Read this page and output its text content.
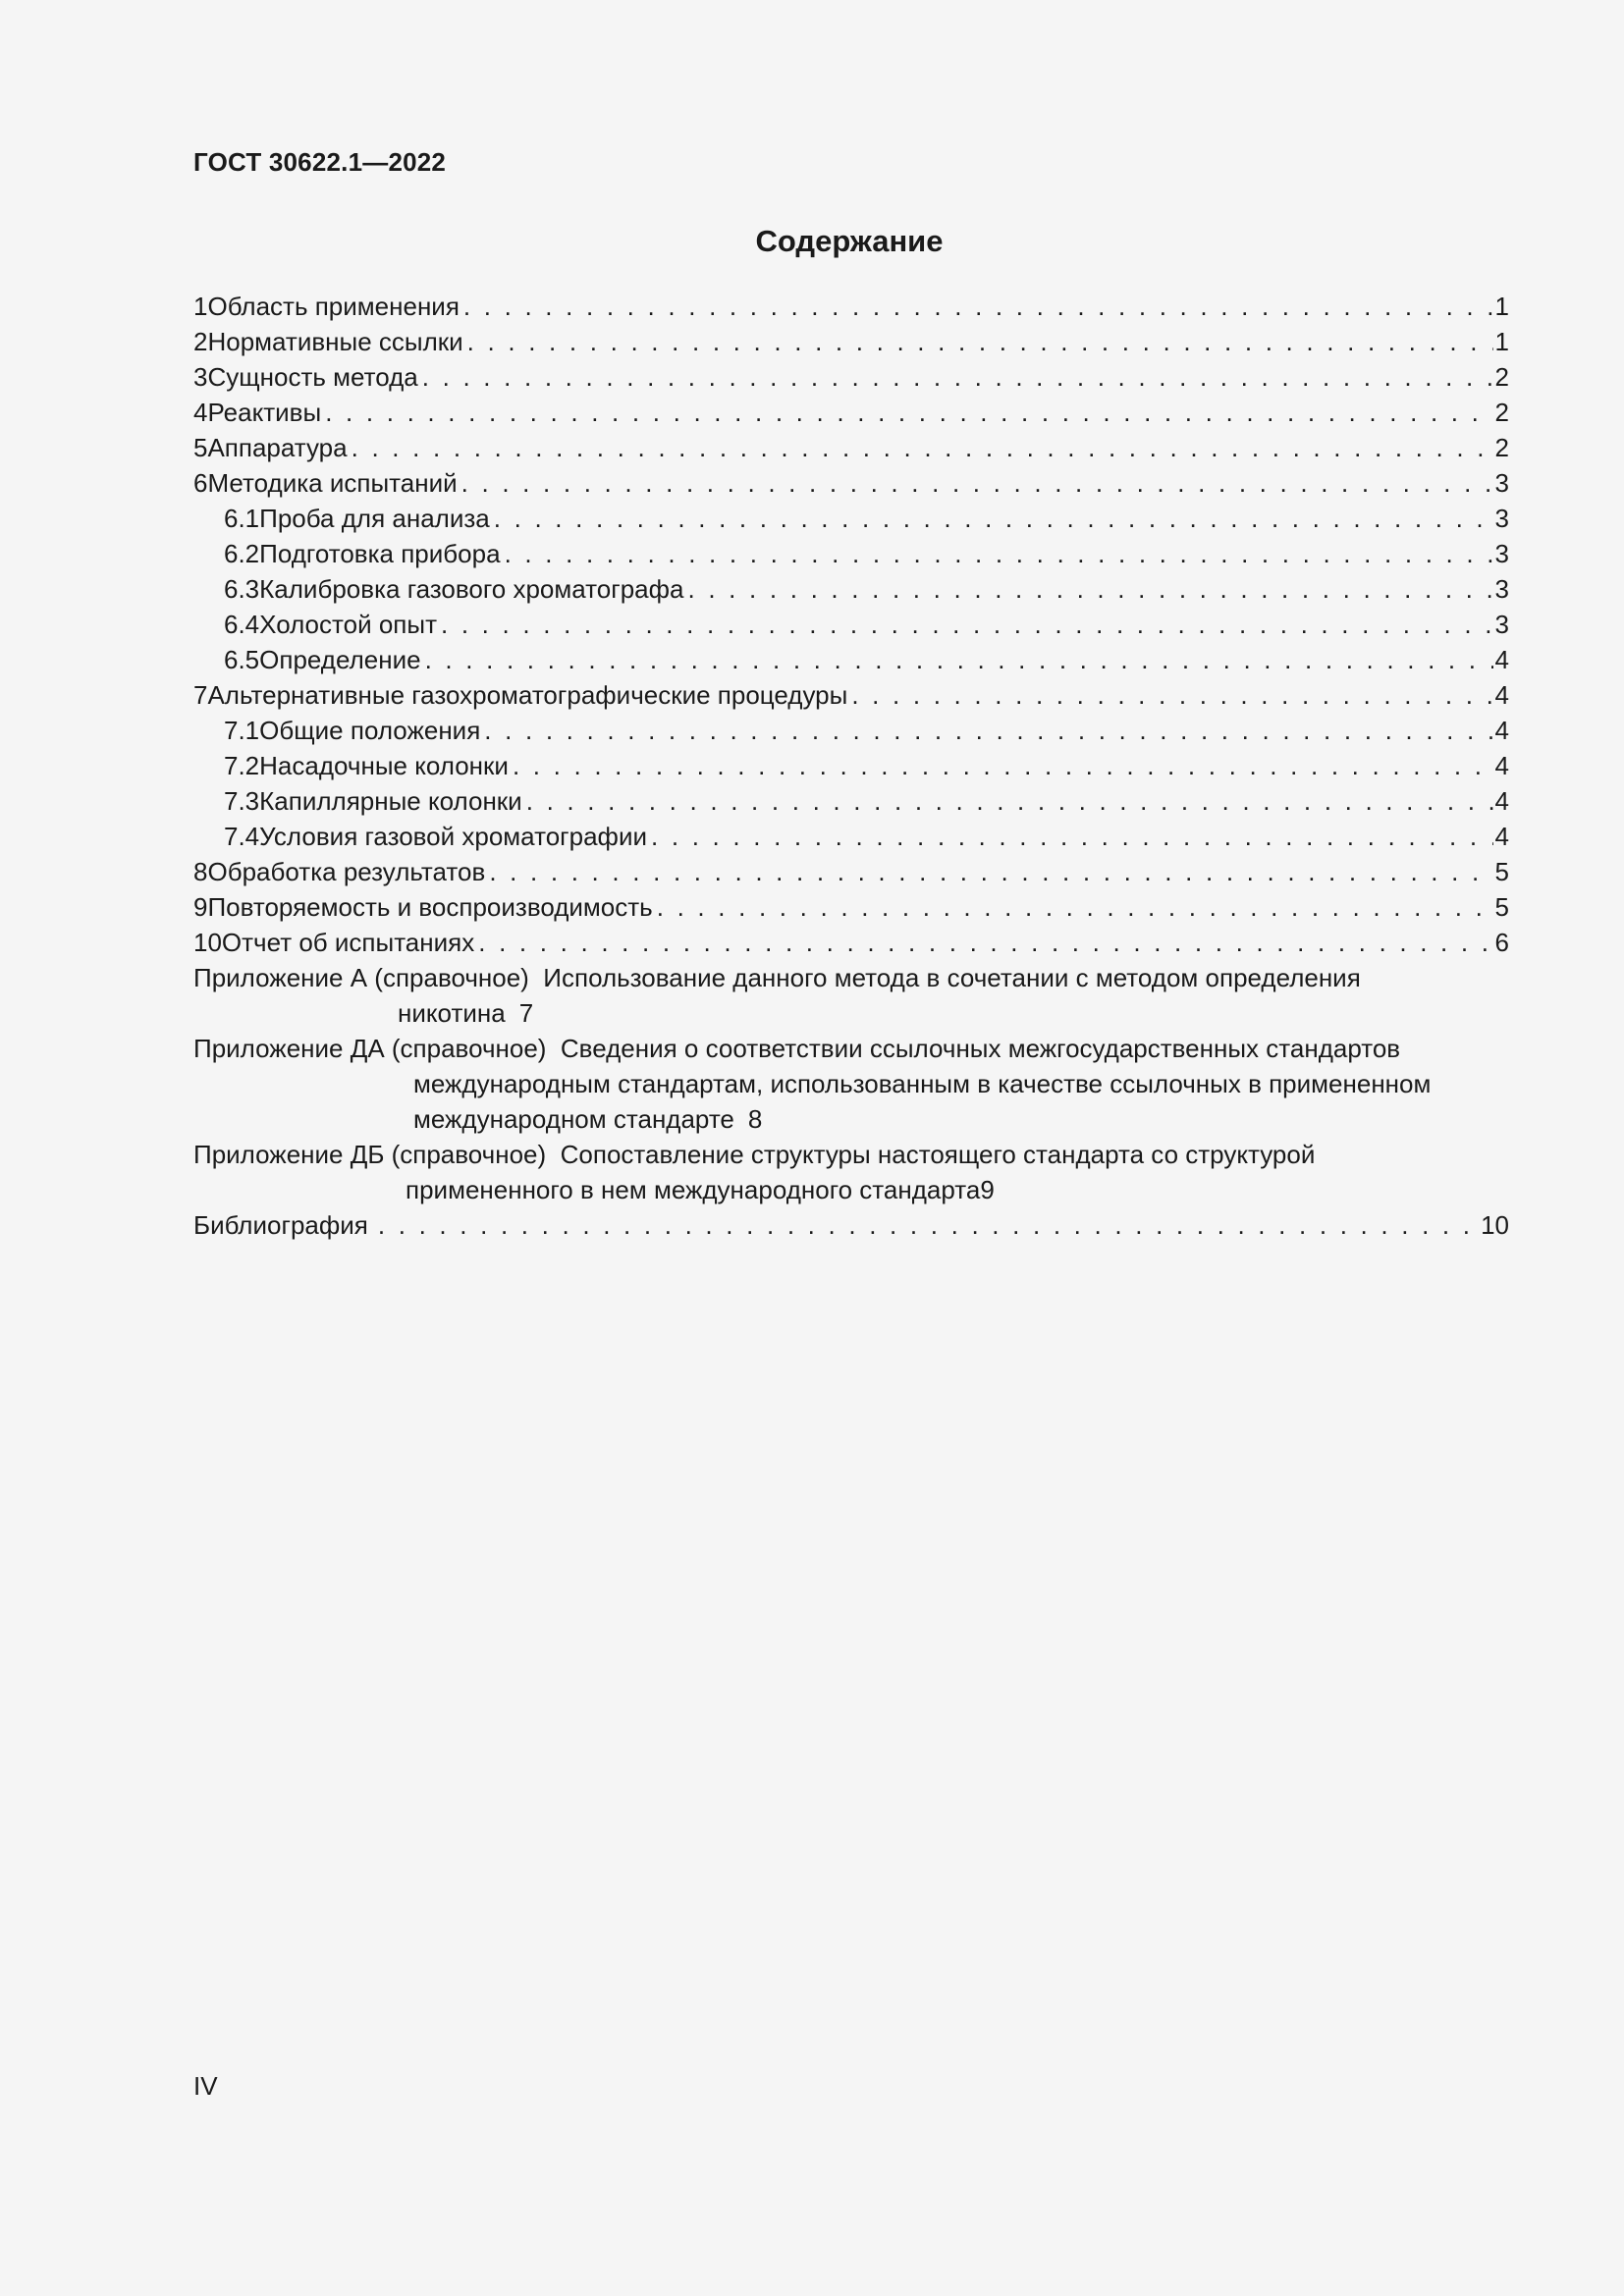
ГОСТ 30622.1—2022
Содержание
1 Область применения . . .	1
2 Нормативные ссылки . . .	1
3 Сущность метода . . .	2
4 Реактивы . . .	2
5 Аппаратура . . .	2
6 Методика испытаний . . .	3
6.1 Проба для анализа . . .	3
6.2 Подготовка прибора . . .	3
6.3 Калибровка газового хроматографа . . .	3
6.4 Холостой опыт . . .	3
6.5 Определение . . .	4
7 Альтернативные газохроматографические процедуры . . .	4
7.1 Общие положения . . .	4
7.2 Насадочные колонки . . .	4
7.3 Капиллярные колонки . . .	4
7.4 Условия газовой хроматографии . . .	4
8 Обработка результатов . . .	5
9 Повторяемость и воспроизводимость . . .	5
10 Отчет об испытаниях . . .	6
Приложение А (справочное) Использование данного метода в сочетании с методом определения
никотина 7
Приложение ДА (справочное) Сведения о соответствии ссылочных межгосударственных стандартов
международным стандартам, использованным в качестве ссылочных в примененном
международном стандарте 8
Приложение ДБ (справочное) Сопоставление структуры настоящего стандарта со структурой
примененного в нем международного стандарта 9
Библиография . . .	10
IV
